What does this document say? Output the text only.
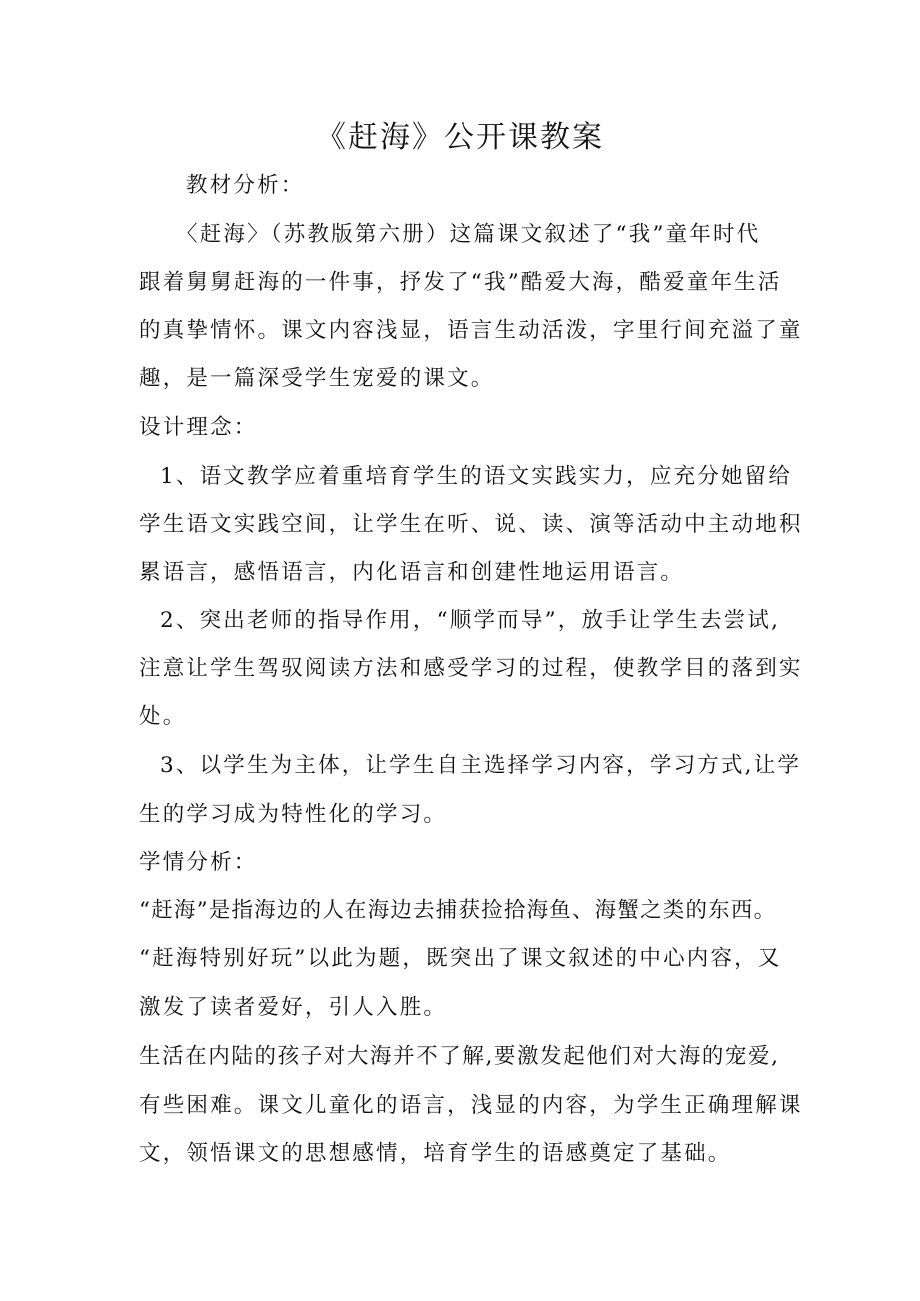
《赶海》公开课教案
教材分析：
〈赶海〉（苏教版第六册）这篇课文叙述了“我”童年时代
跟着舅舅赶海的一件事，抒发了“我”酷爱大海，酷爱童年生活
的真挚情怀。课文内容浅显，语言生动活泼，字里行间充溢了童
趣，是一篇深受学生宠爱的课文。
设计理念：
1、语文教学应着重培育学生的语文实践实力，应充分她留给
学生语文实践空间，让学生在听、说、读、演等活动中主动地积
累语言，感悟语言，内化语言和创建性地运用语言。
2、突出老师的指导作用，“顺学而导”，放手让学生去尝试,
注意让学生驾驭阅读方法和感受学习的过程，使教学目的落到实
处。
3、以学生为主体，让学生自主选择学习内容，学习方式,让学
生的学习成为特性化的学习。
学情分析：
“赶海”是指海边的人在海边去捕获捡拾海鱼、海蟹之类的东西。
“赶海特别好玩”以此为题，既突出了课文叙述的中心内容，又
激发了读者爱好，引人入胜。
生活在内陆的孩子对大海并不了解,要激发起他们对大海的宠爱,
有些困难。课文儿童化的语言，浅显的内容，为学生正确理解课
文，领悟课文的思想感情，培育学生的语感奠定了基础。
